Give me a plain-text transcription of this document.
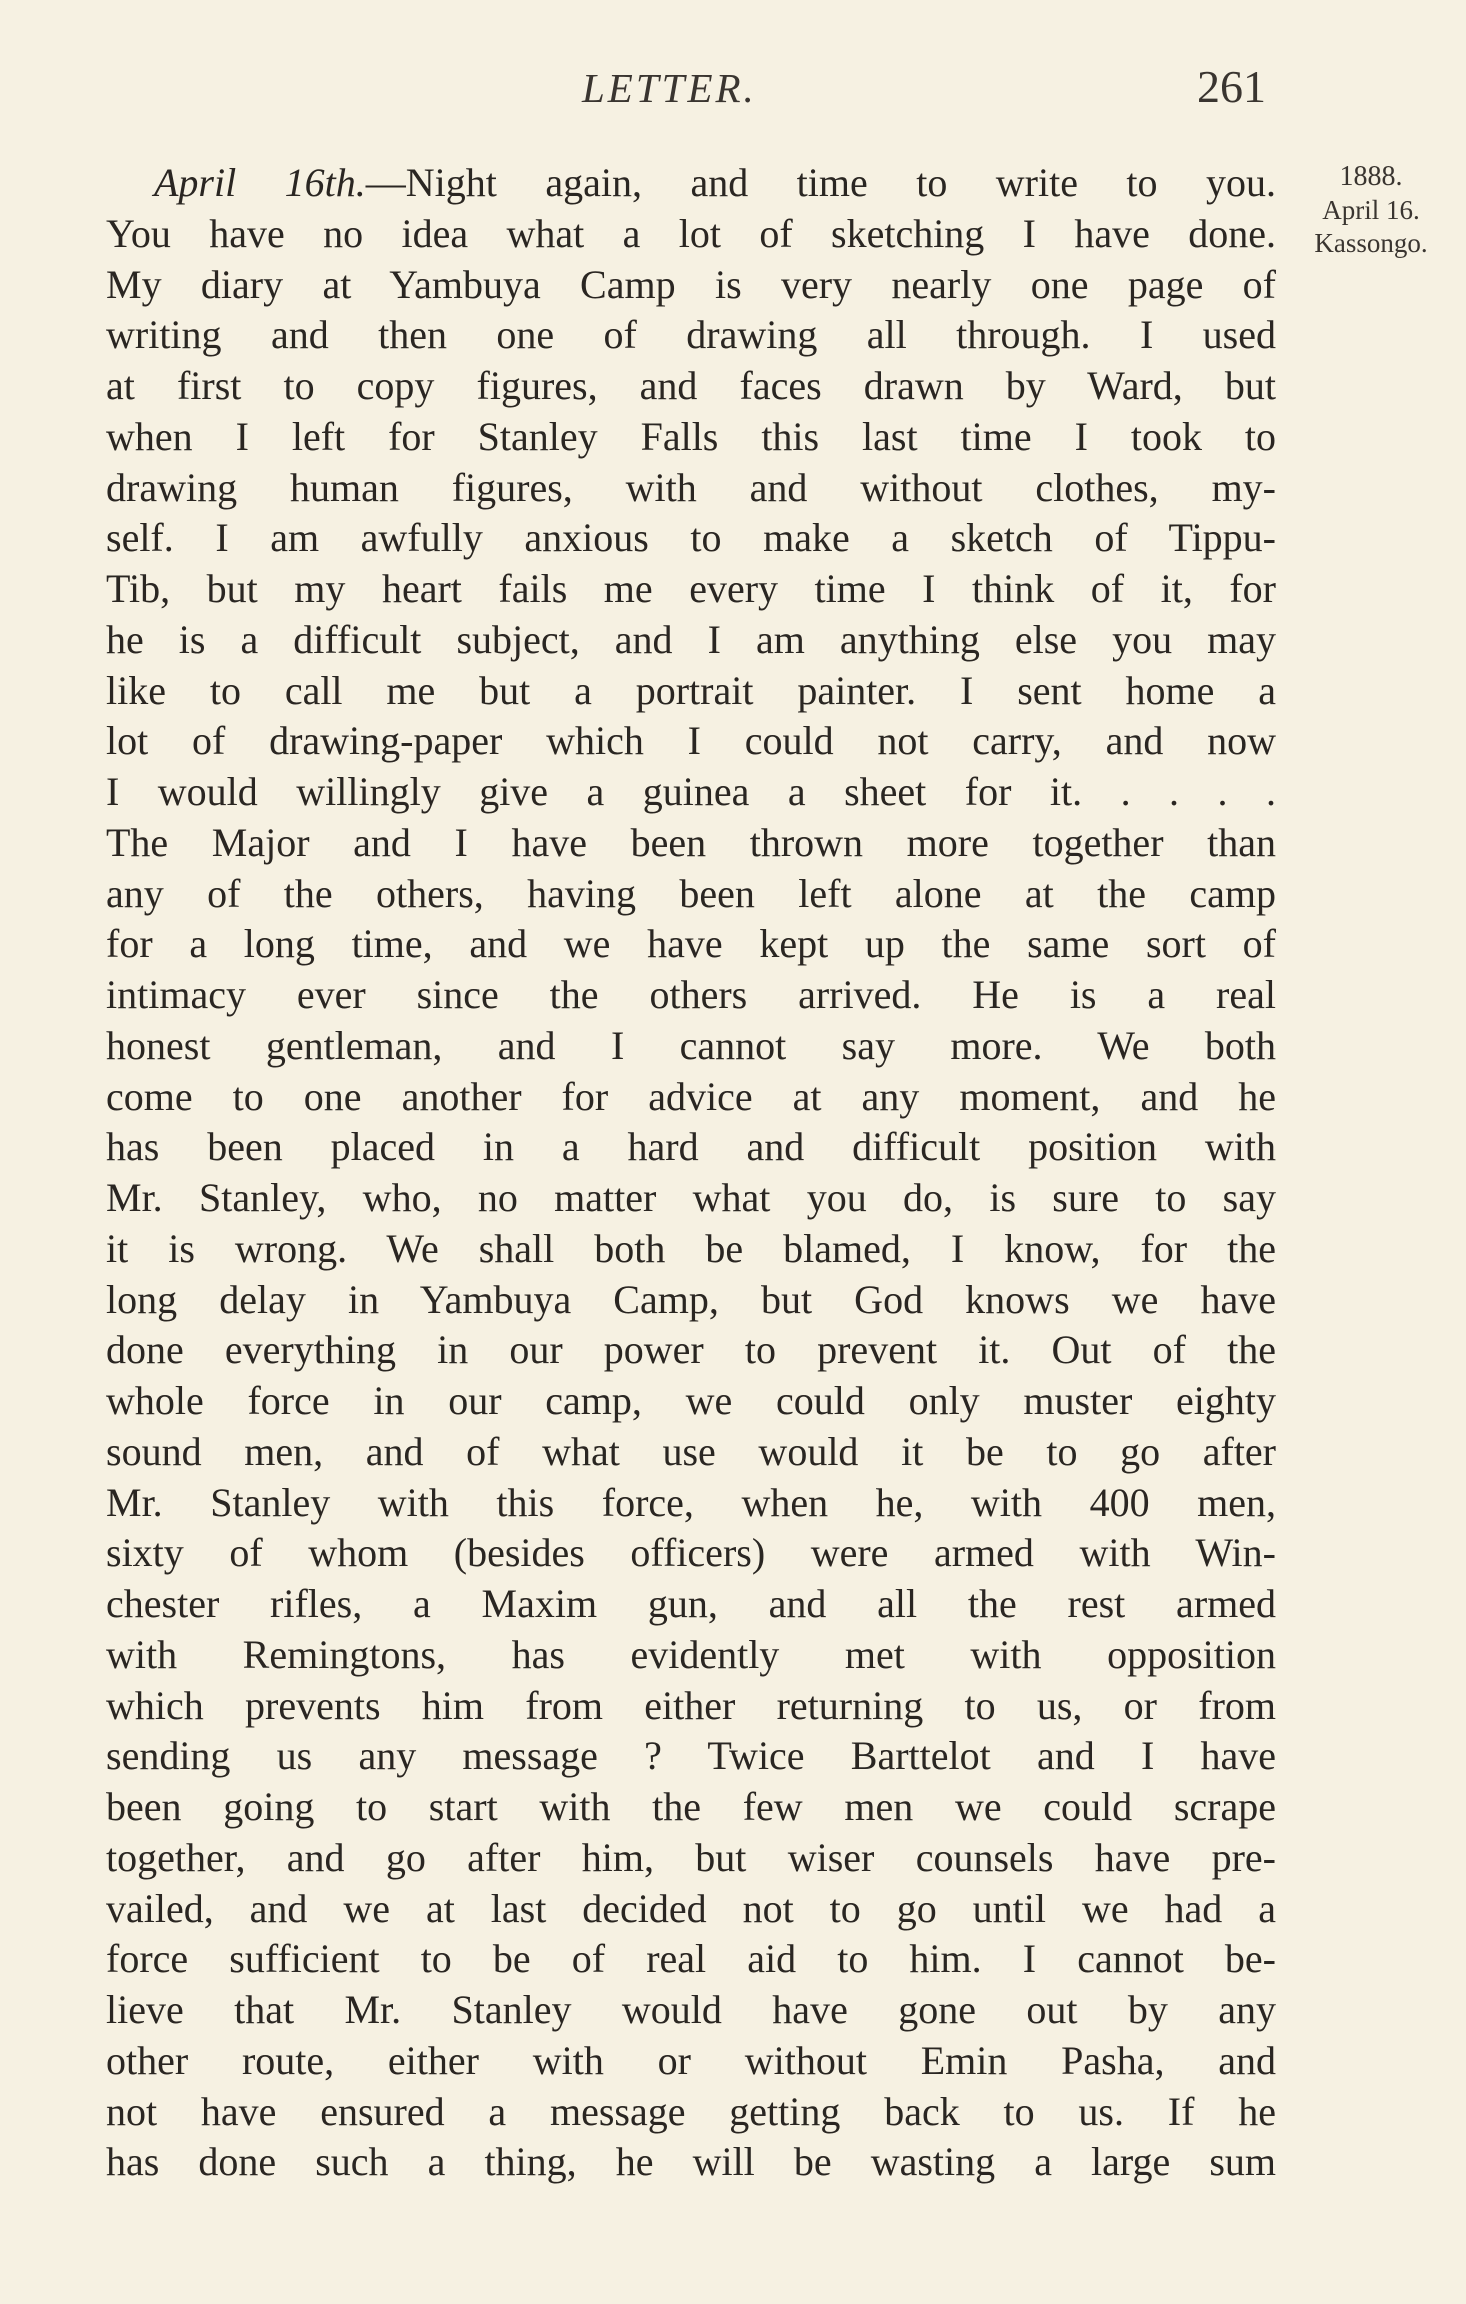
LETTER.	261
1888.
April 16.
Kassongo.
April 16th.—Night again, and time to write to you.
You have no idea what a lot of sketching I have done.
My diary at Yambuya Camp is very nearly one page of
writing and then one of drawing all through. I used
at first to copy figures, and faces drawn by Ward, but
when I left for Stanley Falls this last time I took to
drawing human figures, with and without clothes, my-
self. I am awfully anxious to make a sketch of Tippu-
Tib, but my heart fails me every time I think of it, for
he is a difficult subject, and I am anything else you may
like to call me but a portrait painter. I sent home a
lot of drawing-paper which I could not carry, and now
I would willingly give a guinea a sheet for it. . . . .
The Major and I have been thrown more together than
any of the others, having been left alone at the camp
for a long time, and we have kept up the same sort of
intimacy ever since the others arrived. He is a real
honest gentleman, and I cannot say more. We both
come to one another for advice at any moment, and he
has been placed in a hard and difficult position with
Mr. Stanley, who, no matter what you do, is sure to say
it is wrong. We shall both be blamed, I know, for the
long delay in Yambuya Camp, but God knows we have
done everything in our power to prevent it. Out of the
whole force in our camp, we could only muster eighty
sound men, and of what use would it be to go after
Mr. Stanley with this force, when he, with 400 men,
sixty of whom (besides officers) were armed with Win-
chester rifles, a Maxim gun, and all the rest armed
with Remingtons, has evidently met with opposition
which prevents him from either returning to us, or from
sending us any message ? Twice Barttelot and I have
been going to start with the few men we could scrape
together, and go after him, but wiser counsels have pre-
vailed, and we at last decided not to go until we had a
force sufficient to be of real aid to him. I cannot be-
lieve that Mr. Stanley would have gone out by any
other route, either with or without Emin Pasha, and
not have ensured a message getting back to us. If he
has done such a thing, he will be wasting a large sum
